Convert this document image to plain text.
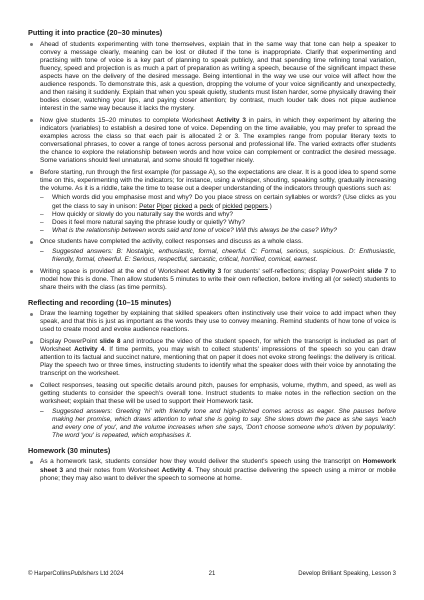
Putting it into practice (20–30 minutes)

Ahead of students experimenting with tone themselves, explain that in the same way that tone can help a speaker to convey a message clearly, meaning can be lost or diluted if the tone is inappropriate. Clarify that experimenting and practising with tone of voice is a key part of planning to speak publicly, and that spending time refining tonal variation, fluency, speed and projection is as much a part of preparation as writing a speech, because of the significant impact these aspects have on the delivery of the desired message. Being intentional in the way we use our voice will affect how the audience responds. To demonstrate this, ask a question, dropping the volume of your voice significantly and unexpectedly, and then raising it suddenly. Explain that when you speak quietly, students must listen harder, some physically drawing their bodies closer, watching your lips, and paying closer attention; by contrast, much louder talk does not pique audience interest in the same way because it lacks the mystery.

Now give students 15–20 minutes to complete Worksheet Activity 3 in pairs, in which they experiment by altering the indicators (variables) to establish a desired tone of voice. Depending on the time available, you may prefer to spread the examples across the class so that each pair is allocated 2 or 3. The examples range from popular literary texts to conversational phrases, to cover a range of tones across personal and professional life. The varied extracts offer students the chance to explore the relationship between words and how voice can complement or contradict the desired message. Some variations should feel unnatural, and some should fit together nicely.

Before starting, run through the first example (for passage A), so the expectations are clear. It is a good idea to spend some time on this, experimenting with the indicators; for instance, using a whisper, shouting, speaking softly, gradually increasing the volume. As it is a riddle, take the time to tease out a deeper understanding of the indicators through questions such as:

– Which words did you emphasise most and why? Do you place stress on certain syllables or words? (Use clicks as you get the class to say in unison: Peter Piper picked a peck of pickled peppers.)
– How quickly or slowly do you naturally say the words and why?
– Does it feel more natural saying the phrase loudly or quietly? Why?
– What is the relationship between words said and tone of voice? Will this always be the case? Why?

Once students have completed the activity, collect responses and discuss as a whole class.

– Suggested answers: B: Nostalgic, enthusiastic, formal, cheerful. C: Formal, serious, suspicious. D: Enthusiastic, friendly, formal, cheerful. E: Serious, respectful, sarcastic, critical, horrified, comical, earnest.

Writing space is provided at the end of Worksheet Activity 3 for students' self-reflections; display PowerPoint slide 7 to model how this is done. Then allow students 5 minutes to write their own reflection, before inviting all (or select) students to share theirs with the class (as time permits).

Reflecting and recording (10–15 minutes)

Draw the learning together by explaining that skilled speakers often instinctively use their voice to add impact when they speak, and that this is just as important as the words they use to convey meaning. Remind students of how tone of voice is used to create mood and evoke audience reactions.

Display PowerPoint slide 8 and introduce the video of the student speech, for which the transcript is included as part of Worksheet Activity 4. If time permits, you may wish to collect students' impressions of the speech so you can draw attention to its factual and succinct nature, mentioning that on paper it does not evoke strong feelings: the delivery is critical. Play the speech two or three times, instructing students to identify what the speaker does with their voice by annotating the transcript on the worksheet.

Collect responses, teasing out specific details around pitch, pauses for emphasis, volume, rhythm, and speed, as well as getting students to consider the speech's overall tone. Instruct students to make notes in the reflection section on the worksheet; explain that these will be used to support their Homework task.

– Suggested answers: Greeting 'hi' with friendly tone and high-pitched comes across as eager. She pauses before making her promise, which draws attention to what she is going to say. She slows down the pace as she says 'each and every one of you', and the volume increases when she says, 'Don't choose someone who's driven by popularity'. The word 'you' is repeated, which emphasises it.
Homework (30 minutes)

As a homework task, students consider how they would deliver the student's speech using the transcript on Homework sheet 3 and their notes from Worksheet Activity 4. They should practise delivering the speech using a mirror or mobile phone; they may also want to deliver the speech to someone at home.

© HarperCollinsPublishers Ltd 2024	21	Develop Brilliant Speaking, Lesson 3
